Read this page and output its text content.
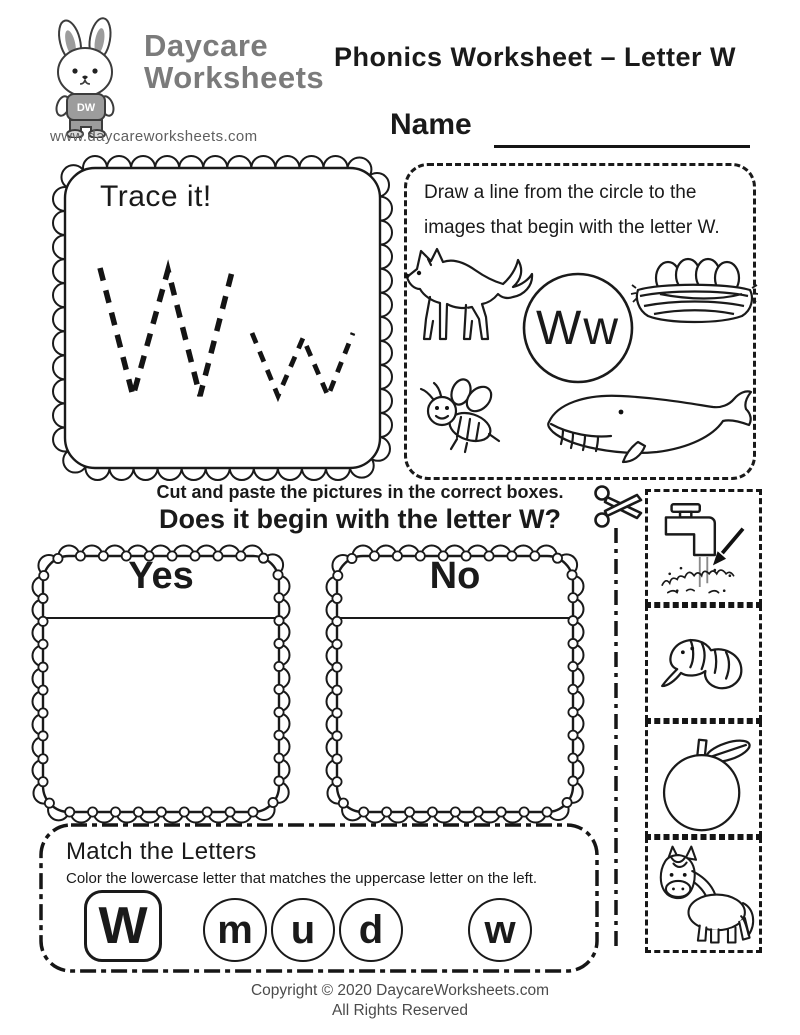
DW
Daycare
Worksheets
www.daycareworksheets.com
Phonics Worksheet – Letter W
Name
Trace it!	Draw a line from the circle to the
images that begin with the letter W.
Ww
Cut and paste the pictures in the correct boxes.
Does it begin with the letter W?
Yes	No
Match the Letters
Color the lowercase letter that matches the uppercase letter on the left.
W	m u	d	w
Copyright © 2020 DaycareWorksheets.com
All Rights Reserved
